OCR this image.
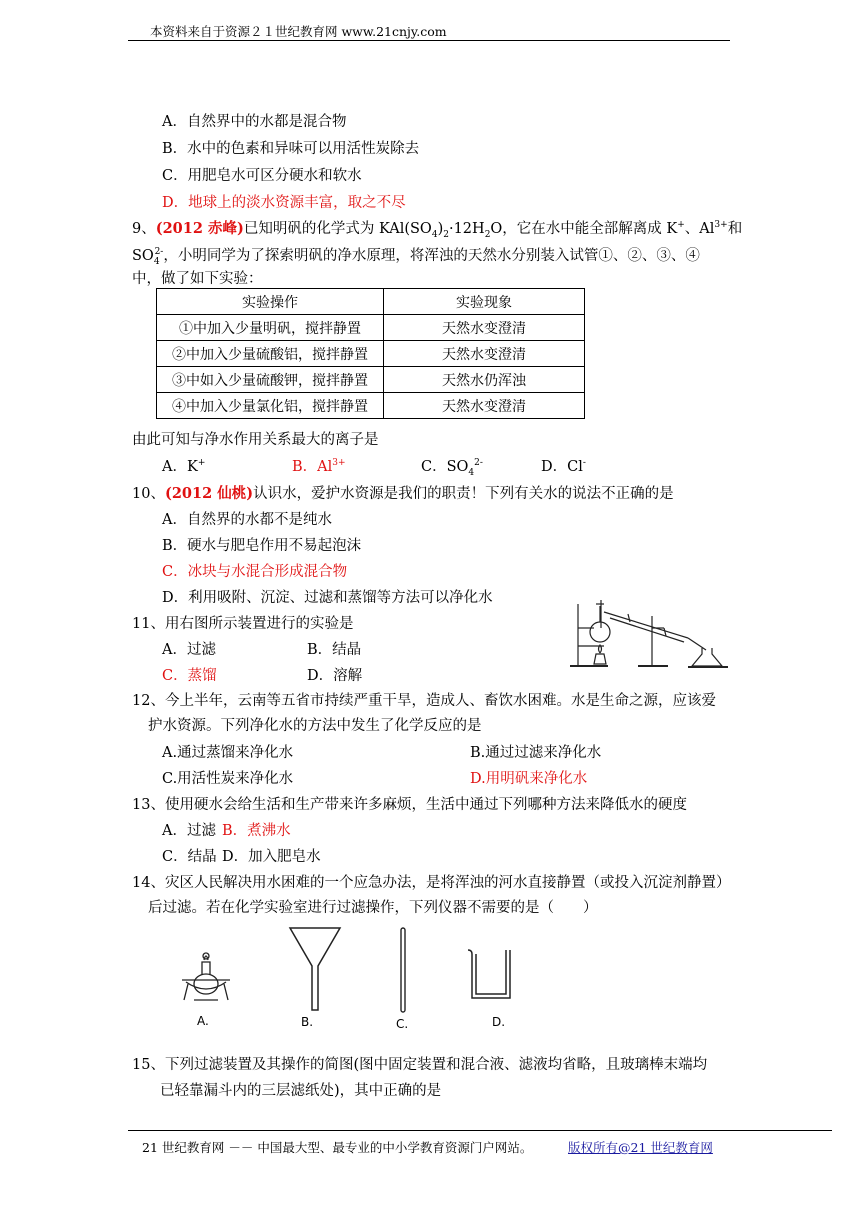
本资料来自于资源２１世纪教育网 www.21cnjy.com
A．自然界中的水都是混合物
B．水中的色素和异味可以用活性炭除去
C．用肥皂水可区分硬水和软水
D．地球上的淡水资源丰富，取之不尽
9、(2012 赤峰)已知明矾的化学式为 $KAl(SO_4)_2\cdot 12H_2O$，它在水中能全部解离成 K+、$Al^{3+}$和
$SO_4^{2-}$，小明同学为了探索明矾的净水原理，将浑浊的天然水分别装入试管①、②、③、④
中，做了如下实验：
实验操作	实验现象
①中加入少量明矾，搅拌静置	天然水变澄清
②中加入少量硫酸铝，搅拌静置	天然水变澄清
③中如入少量硫酸钾，搅拌静置	天然水仍浑浊
④中加入少量氯化铝，搅拌静置	天然水变澄清
由此可知与净水作用关系最大的离子是
A．K+	B．$Al^{3+}$	C．$SO_4^{2-}$	D．Cl-
10、(2012 仙桃)认识水，爱护水资源是我们的职责！下列有关水的说法不正确的是
A．自然界的水都不是纯水
B．硬水与肥皂作用不易起泡沫
C．冰块与水混合形成混合物
D．利用吸附、沉淀、过滤和蒸馏等方法可以净化水
11、用右图所示装置进行的实验是
A．过滤	B．结晶
C．蒸馏	D．溶解
12、今上半年，云南等五省市持续严重干旱，造成人、畜饮水困难。水是生命之源，应该爱
护水资源。下列净化水的方法中发生了化学反应的是
A.通过蒸馏来净化水	B.通过过滤来净化水
C.用活性炭来净化水	D.用明矾来净化水
13、使用硬水会给生活和生产带来许多麻烦，生活中通过下列哪种方法来降低水的硬度
A．过滤 B．煮沸水
C．结晶 D．加入肥皂水
14、灾区人民解决用水困难的一个应急办法，是将浑浊的河水直接静置（或投入沉淀剂静置）
后过滤。若在化学实验室进行过滤操作，下列仪器不需要的是（　　）
A.	B.	C.	D.
15、下列过滤装置及其操作的简图(图中固定装置和混合液、滤液均省略，且玻璃棒末端均
已轻靠漏斗内的三层滤纸处)，其中正确的是
21 世纪教育网 －－ 中国最大型、最专业的中小学教育资源门户网站。	版权所有@21 世纪教育网
